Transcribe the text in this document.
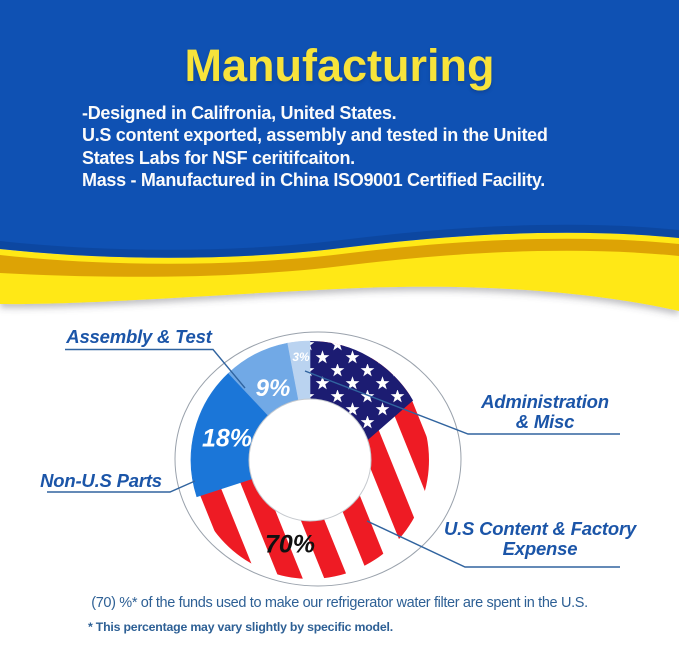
Manufacturing
-Designed in Califronia, United States.
U.S content exported, assembly and tested in the United
States Labs for NSF ceritifcaiton.
Mass - Manufactured in China ISO9001 Certified Facility.
Assembly & Test
Non-U.S Parts
Administration
& Misc
U.S Content & Factory
Expense
70%
18%
9%
3%
(70) %* of the funds used to make our refrigerator water filter are spent in the U.S.
* This percentage may vary slightly by specific model.
